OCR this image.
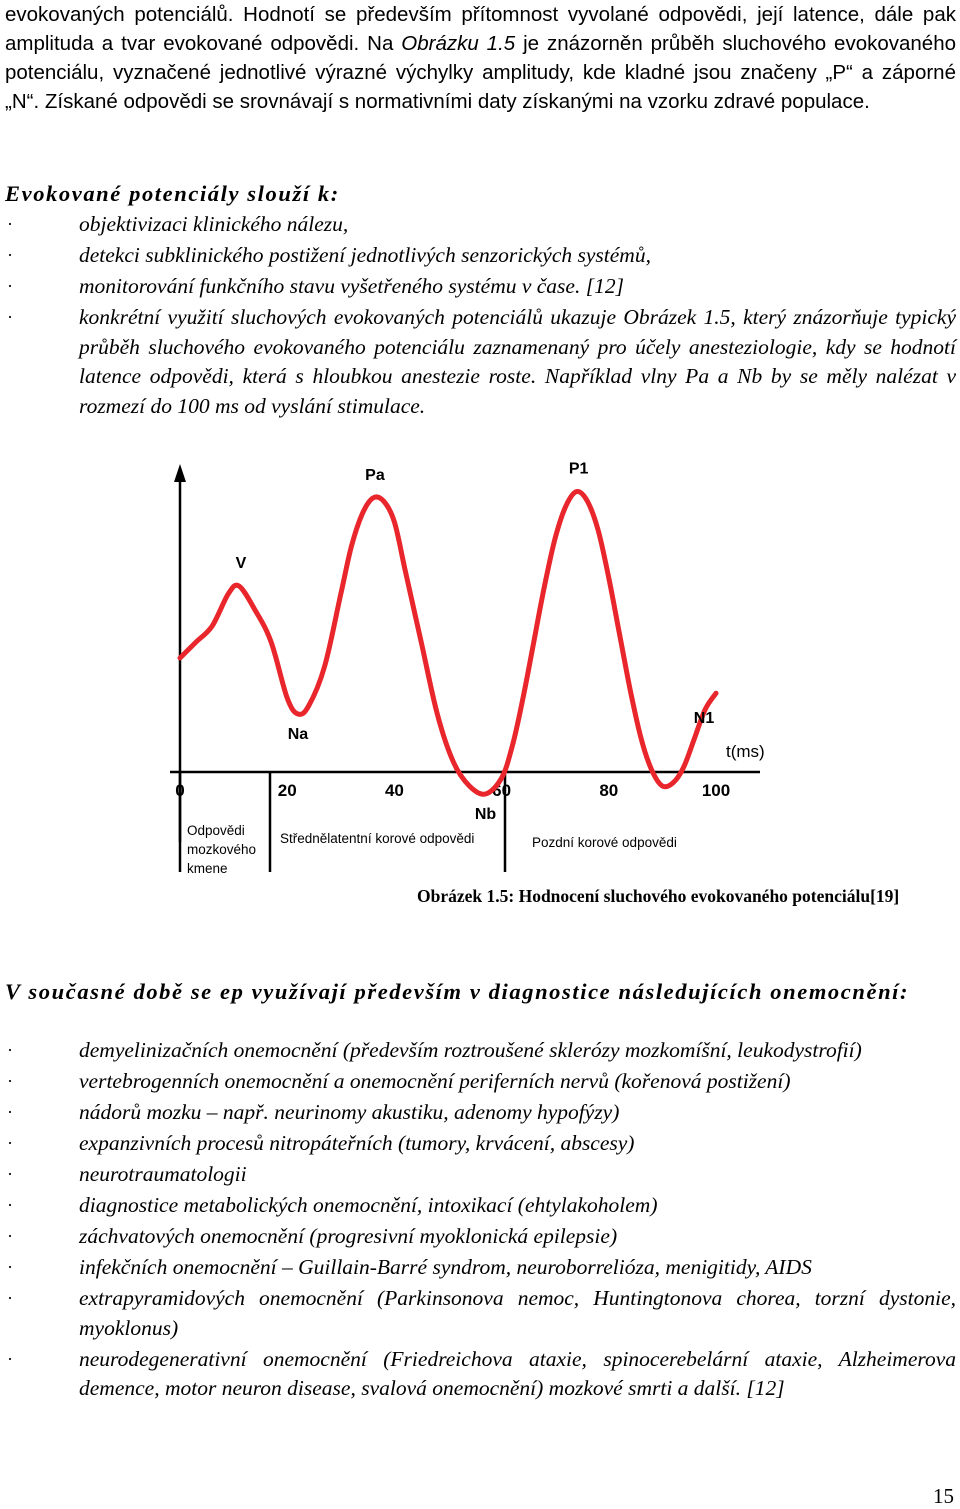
evokovaných potenciálů. Hodnotí se především přítomnost vyvolané odpovědi, její latence, dále pak amplituda a tvar evokované odpovědi. Na Obrázku 1.5 je znázorněn průběh sluchového evokovaného potenciálu, vyznačené jednotlivé výrazné výchylky amplitudy, kde kladné jsou značeny „P“ a záporné „N“. Získané odpovědi se srovnávají s normativními daty získanými na vzorku zdravé populace.
Evokované potenciály slouží k:
· objektivizaci klinického nálezu,
· detekci subklinického postižení jednotlivých senzorických systémů,
· monitorování funkčního stavu vyšetřeného systému v čase. [12]
· konkrétní využití sluchových evokovaných potenciálů ukazuje Obrázek 1.5, který znázorňuje typický průběh sluchového evokovaného potenciálu zaznamenaný pro účely anesteziologie, kdy se hodnotí latence odpovědi, která s hloubkou anestezie roste. Například vlny Pa a Nb by se měly nalézat v rozmezí do 100 ms od vyslání stimulace.
0	20	40	60	80	100
V
Na
Pa
Nb
P1
N1
t(ms)
Odpovědi
mozkového
kmene
Střednělatentní korové odpovědi	Pozdní korové odpovědi
Obrázek 1.5: Hodnocení sluchového evokovaného potenciálu[19]
V současné době se ep využívají především v diagnostice následujících onemocnění:
· demyelinizačních onemocnění (především roztroušené sklerózy mozkomíšní, leukodystrofií)
· vertebrogenních onemocnění a onemocnění periferních nervů (kořenová postižení)
· nádorů mozku – např. neurinomy akustiku, adenomy hypofýzy)
· expanzivních procesů nitropáteřních (tumory, krvácení, abscesy)
· neurotraumatologii
· diagnostice metabolických onemocnění, intoxikací (ehtylakoholem)
· záchvatových onemocnění (progresivní myoklonická epilepsie)
· infekčních onemocnění – Guillain-Barré syndrom, neuroborrelióza, menigitidy, AIDS
· extrapyramidových onemocnění (Parkinsonova nemoc, Huntingtonova chorea, torzní dystonie, myoklonus)
· neurodegenerativní onemocnění (Friedreichova ataxie, spinocerebelární ataxie, Alzheimerova demence, motor neuron disease, svalová onemocnění) mozkové smrti a další. [12]
15
